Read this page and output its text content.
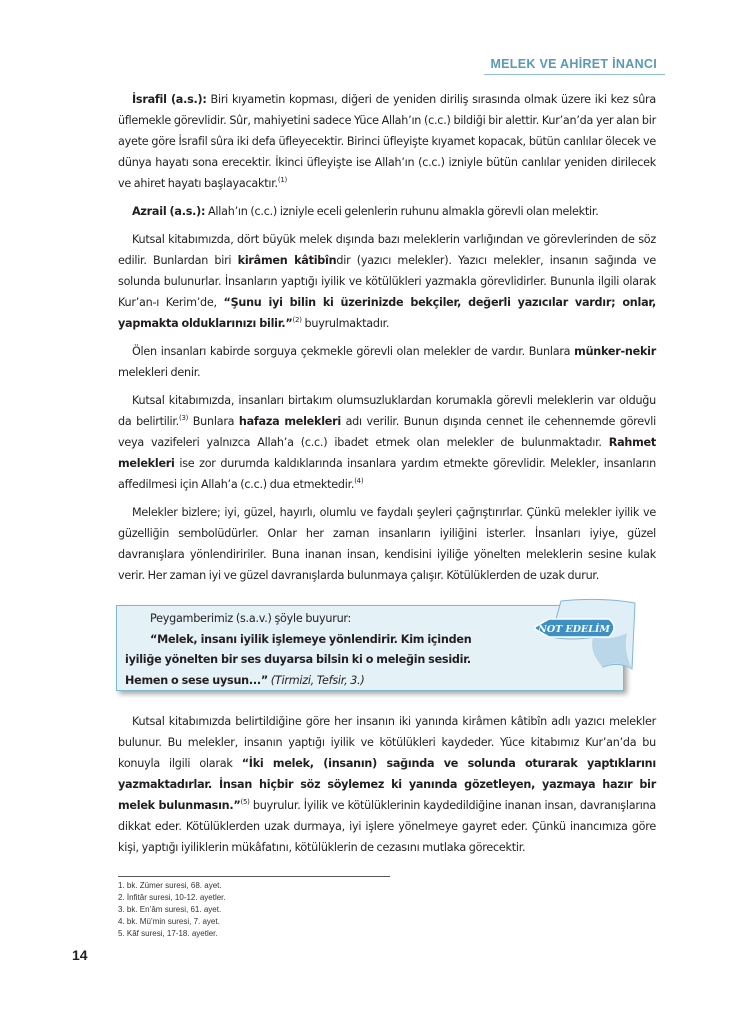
MELEK VE AHİRET İNANCI

İsrafil (a.s.): Biri kıyametin kopması, diğeri de yeniden diriliş sırasında olmak üzere iki kez sûra üflemekle görevlidir. Sûr, mahiyetini sadece Yüce Allah’ın (c.c.) bildiği bir alettir. Kur’an’da yer alan bir ayete göre İsrafil sûra iki defa üfleyecektir. Birinci üfleyişte kıyamet kopacak, bütün canlılar ölecek ve dünya hayatı sona erecektir. İkinci üfleyişte ise Allah’ın (c.c.) izniyle bütün canlılar yeniden dirilecek ve ahiret hayatı başlayacaktır.$^{(1)}$

Azrail (a.s.): Allah’ın (c.c.) izniyle eceli gelenlerin ruhunu almakla görevli olan melektir.

Kutsal kitabımızda, dört büyük melek dışında bazı meleklerin varlığından ve görevlerinden de söz edilir. Bunlardan biri kirâmen kâtibîndir (yazıcı melekler). Yazıcı melekler, insanın sağında ve solunda bulunurlar. İnsanların yaptığı iyilik ve kötülükleri yazmakla görevlidirler. Bununla ilgili olarak Kur’an-ı Kerim’de, “Şunu iyi bilin ki üzerinizde bekçiler, değerli yazıcılar vardır; onlar, yapmakta olduklarınızı bilir.”$^{(2)}$ buyrulmaktadır.

Ölen insanları kabirde sorguya çekmekle görevli olan melekler de vardır. Bunlara münker-nekir melekleri denir.

Kutsal kitabımızda, insanları birtakım olumsuzluklardan korumakla görevli meleklerin var olduğu da belirtilir.$^{(3)}$ Bunlara hafaza melekleri adı verilir. Bunun dışında cennet ile cehennemde görevli veya vazifeleri yalnızca Allah’a (c.c.) ibadet etmek olan melekler de bulunmaktadır. Rahmet melekleri ise zor durumda kaldıklarında insanlara yardım etmekte görevlidir. Melekler, insanların affedilmesi için Allah’a (c.c.) dua etmektedir.$^{(4)}$

Melekler bizlere; iyi, güzel, hayırlı, olumlu ve faydalı şeyleri çağrıştırırlar. Çünkü melekler iyilik ve güzelliğin sembolüdürler. Onlar her zaman insanların iyiliğini isterler. İnsanları iyiye, güzel davranışlara yönlendiririler. Buna inanan insan, kendisini iyiliğe yönelten meleklerin sesine kulak verir. Her zaman iyi ve güzel davranışlarda bulunmaya çalışır. Kötülüklerden de uzak durur.

Peygamberimiz (s.a.v.) şöyle buyurur:
“Melek, insanı iyilik işlemeye yönlendirir. Kim içinden iyiliğe yönelten bir ses duyarsa bilsin ki o meleğin sesidir. Hemen o sese uysun...” (Tirmizi, Tefsir, 3.)
NOT EDELİM

Kutsal kitabımızda belirtildiğine göre her insanın iki yanında kirâmen kâtibîn adlı yazıcı melekler bulunur. Bu melekler, insanın yaptığı iyilik ve kötülükleri kaydeder. Yüce kitabımız Kur’an’da bu konuyla ilgili olarak “İki melek, (insanın) sağında ve solunda oturarak yaptıklarını yazmaktadırlar. İnsan hiçbir söz söylemez ki yanında gözetleyen, yazmaya hazır bir melek bulunmasın.”$^{(5)}$ buyrulur. İyilik ve kötülüklerinin kaydedildiğine inanan insan, davranışlarına dikkat eder. Kötülüklerden uzak durmaya, iyi işlere yönelmeye gayret eder. Çünkü inancımıza göre kişi, yaptığı iyiliklerin mükâfatını, kötülüklerin de cezasını mutlaka görecektir.

1. bk. Zümer suresi, 68. ayet.
2. İnfitâr suresi, 10-12. ayetler.
3. bk. En’âm suresi, 61. ayet.
4. bk. Mü’min suresi, 7. ayet.
5. Kâf suresi, 17-18. ayetler.
14
